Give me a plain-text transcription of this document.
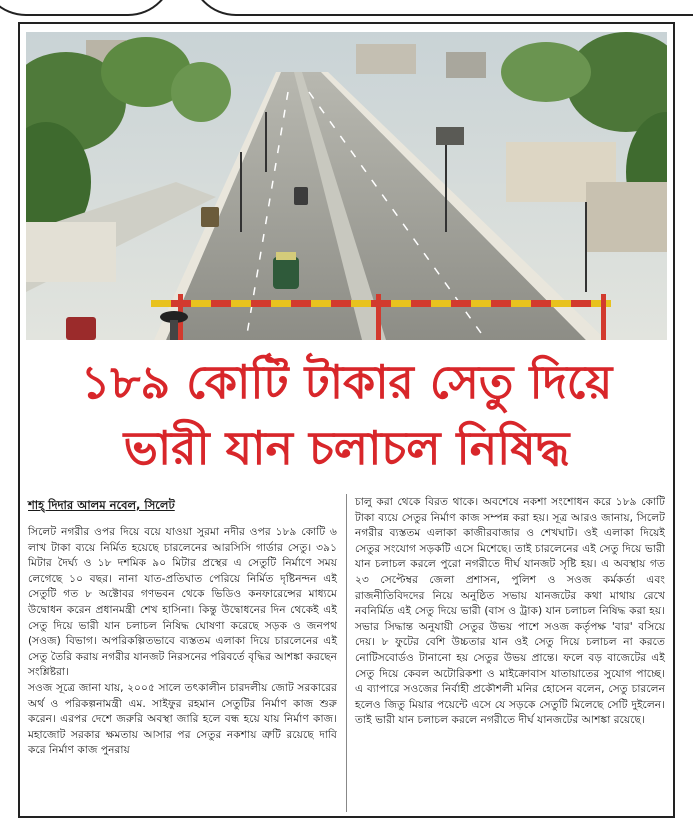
১৮৯ কোটি টাকার সেতু দিয়ে
ভারী যান চলাচল নিষিদ্ধ
শাহ্ দিদার আলম নবেল, সিলেট

সিলেট নগরীর ওপর দিয়ে বয়ে যাওয়া সুরমা নদীর ওপর ১৮৯ কোটি ৬ লাখ টাকা ব্যয়ে নির্মিত হয়েছে চারলেনের আরসিসি গার্ডার সেতু। ৩৯১ মিটার দৈর্ঘ্য ও ১৮ দশমিক ৯০ মিটার প্রস্থের এ সেতুটি নির্মাণে সময় লেগেছে ১০ বছর। নানা যাত-প্রতিঘাত পেরিয়ে নির্মিত দৃষ্টিনন্দন এই সেতুটি গত ৮ অক্টোবর গণভবন থেকে ভিডিও কনফারেন্সের মাধ্যমে উদ্বোধন করেন প্রধানমন্ত্রী শেখ হাসিনা। কিন্তু উদ্বোধনের দিন থেকেই এই সেতু দিয়ে ভারী যান চলাচল নিষিদ্ধ ঘোষণা করেছে সড়ক ও জনপথ (সওজ) বিভাগ। অপরিকল্পিতভাবে ব্যস্ততম এলাকা দিয়ে চারলেনের এই সেতু তৈরি করায় নগরীর যানজট নিরসনের পরিবর্তে বৃদ্ধির আশঙ্কা করছেন সংশ্লিষ্টরা।

সওজ সূত্রে জানা যায়, ২০০৫ সালে তৎকালীন চারদলীয় জোট সরকারের অর্থ ও পরিকল্পনামন্ত্রী এম. সাইফুর রহমান সেতুটির নির্মাণ কাজ শুরু করেন। এরপর দেশে জরুরি অবস্থা জারি হলে বন্ধ হয়ে যায় নির্মাণ কাজ। মহাজোট সরকার ক্ষমতায় আসার পর সেতুর নকশায় ত্রুটি রয়েছে দাবি করে নির্মাণ কাজ পুনরায়

চালু করা থেকে বিরত থাকে। অবশেষে নকশা সংশোধন করে ১৮৯ কোটি টাকা ব্যয়ে সেতুর নির্মাণ কাজ সম্পন্ন করা হয়। সূত্র আরও জানায়, সিলেট নগরীর ব্যস্ততম এলাকা কাজীরবাজার ও শেখঘাট। ওই এলাকা দিয়েই সেতুর সংযোগ সড়কটি এসে মিশেছে। তাই চারলেনের এই সেতু দিয়ে ভারী যান চলাচল করলে পুরো নগরীতে দীর্ঘ যানজট সৃষ্টি হয়। এ অবস্থায় গত ২৩ সেপ্টেম্বর জেলা প্রশাসন, পুলিশ ও সওজ কর্মকর্তা এবং রাজনীতিবিদদের নিয়ে অনুষ্ঠিত সভায় যানজটের কথা মাথায় রেখে নবনির্মিত এই সেতু দিয়ে ভারী (বাস ও ট্রাক) যান চলাচল নিষিদ্ধ করা হয়। সভার সিদ্ধান্ত অনুযায়ী সেতুর উভয় পাশে সওজ কর্তৃপক্ষ 'বার' বসিয়ে দেয়। ৮ ফুটের বেশি উচ্চতার যান ওই সেতু দিয়ে চলাচল না করতে নোটিসবোর্ডও টানানো হয় সেতুর উভয় প্রান্তে। ফলে বড় বাজেটের এই সেতু দিয়ে কেবল অটোরিকশা ও মাইক্রোবাস যাতায়াতের সুযোগ পাচ্ছে। এ ব্যাপারে সওজের নির্বাহী প্রকৌশলী মনির হোসেন বলেন, সেতু চারলেন হলেও জিতু মিয়ার পয়েন্টে এসে যে সড়কে সেতুটি মিলেছে সেটি দুইলেন। তাই ভারী যান চলাচল করলে নগরীতে দীর্ঘ যানজটের আশঙ্কা রয়েছে।
